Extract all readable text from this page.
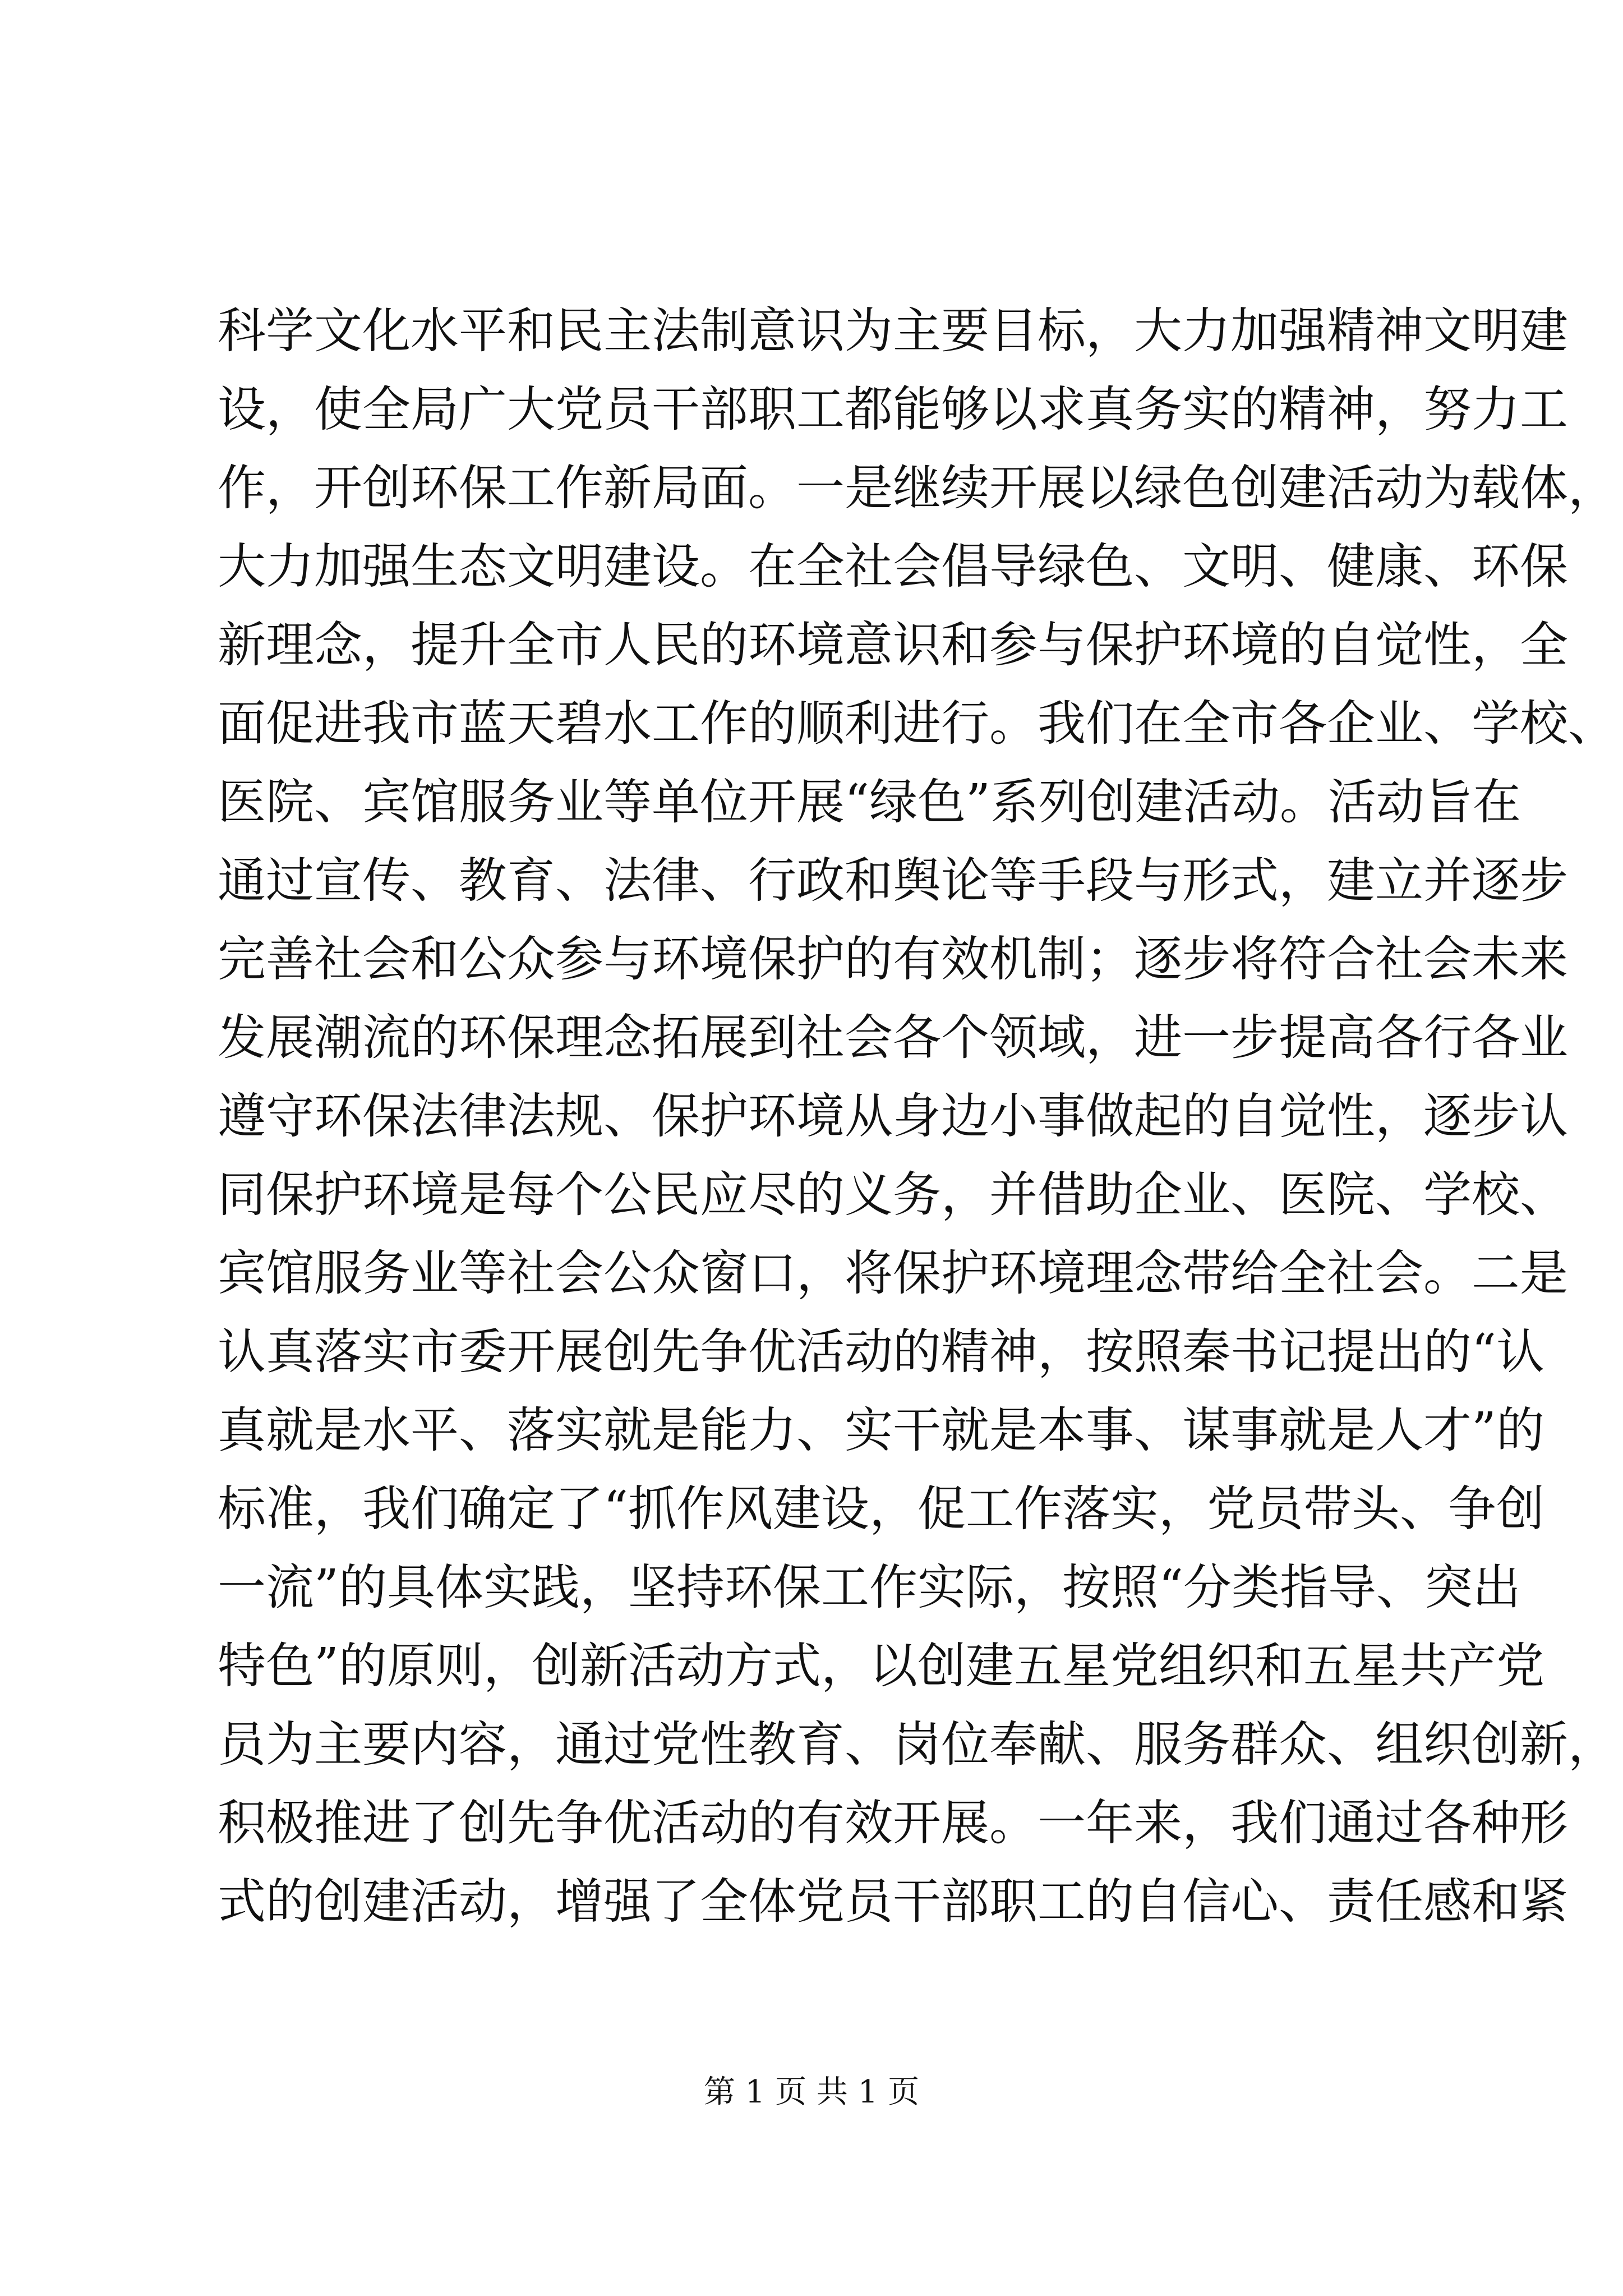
科学文化水平和民主法制意识为主要目标，大力加强精神文明建
设，使全局广大党员干部职工都能够以求真务实的精神，努力工
作，开创环保工作新局面。一是继续开展以绿色创建活动为载体，
大力加强生态文明建设。在全社会倡导绿色、文明、健康、环保
新理念，提升全市人民的环境意识和参与保护环境的自觉性，全
面促进我市蓝天碧水工作的顺利进行。我们在全市各企业、学校、
医院、宾馆服务业等单位开展“绿色”系列创建活动。活动旨在
通过宣传、教育、法律、行政和舆论等手段与形式，建立并逐步
完善社会和公众参与环境保护的有效机制；逐步将符合社会未来
发展潮流的环保理念拓展到社会各个领域，进一步提高各行各业
遵守环保法律法规、保护环境从身边小事做起的自觉性，逐步认
同保护环境是每个公民应尽的义务，并借助企业、医院、学校、
宾馆服务业等社会公众窗口，将保护环境理念带给全社会。二是
认真落实市委开展创先争优活动的精神，按照秦书记提出的“认
真就是水平、落实就是能力、实干就是本事、谋事就是人才”的
标准，我们确定了“抓作风建设，促工作落实，党员带头、争创
一流”的具体实践，坚持环保工作实际，按照“分类指导、突出
特色”的原则，创新活动方式，以创建五星党组织和五星共产党
员为主要内容，通过党性教育、岗位奉献、服务群众、组织创新，
积极推进了创先争优活动的有效开展。一年来，我们通过各种形
式的创建活动，增强了全体党员干部职工的自信心、责任感和紧
第 1 页 共 1 页
